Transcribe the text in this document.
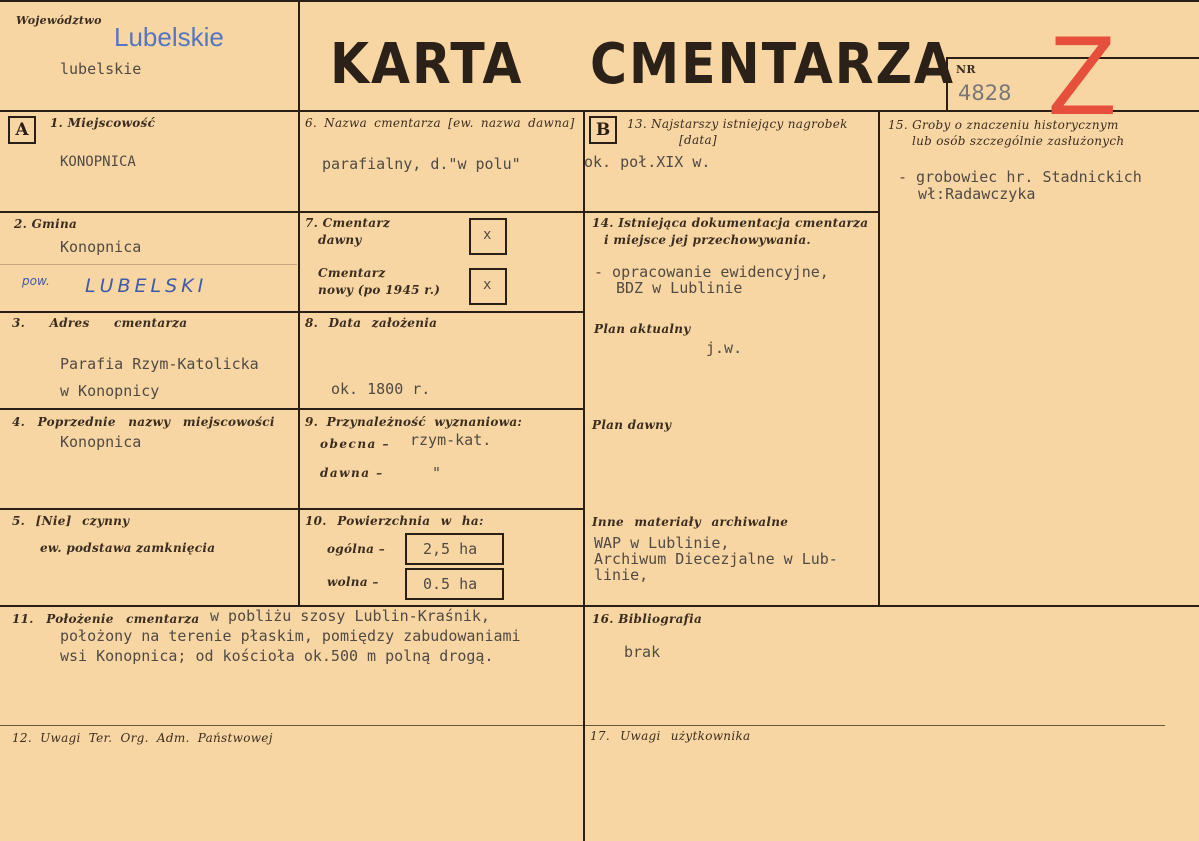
Województwo
Lubelskie
lubelskie	KARTA CMENTARZA NR
4828 Z
A	1. Miejscowość
KONOPNICA
2. Gmina
Konopnica
pow. LUBELSKI
3. Adres cmentarza
Parafia Rzym-Katolicka
w Konopnicy
4. Poprzednie nazwy miejscowości
Konopnica
5. [Nie] czynny
ew. podstawa zamknięcia
11. Położenie cmentarza w pobliżu szosy Lublin-Kraśnik,
położony na terenie płaskim, pomiędzy zabudowaniami
wsi Konopnica; od kościoła ok.500 m polną drogą.
12. Uwagi Ter. Org. Adm. Państwowej
6. Nazwa cmentarza [ew. nazwa dawna]
parafialny, d."w polu"
7. Cmentarz
dawny	x
Cmentarz
nowy (po 1945 r.)	x
8. Data założenia
ok. 1800 r.
9. Przynależność wyznaniowa:
obecna – rzym-kat.
dawna –	"
10. Powierzchnia w ha:
ogólna –	2,5 ha
wolna –	0.5 ha
B	13. Najstarszy istniejący nagrobek
[data]
ok. poł.XIX w.
14. Istniejąca dokumentacja cmentarza
i miejsce jej przechowywania.
- opracowanie ewidencyjne,
BDZ w Lublinie
Plan aktualny
j.w.
Plan dawny
Inne materiały archiwalne
WAP w Lublinie,
Archiwum Diecezjalne w Lub-
linie,
16. Bibliografia
brak
17. Uwagi użytkownika
15. Groby o znaczeniu historycznym
lub osób szczególnie zasłużonych
- grobowiec hr. Stadnickich
wł:Radawczyka
